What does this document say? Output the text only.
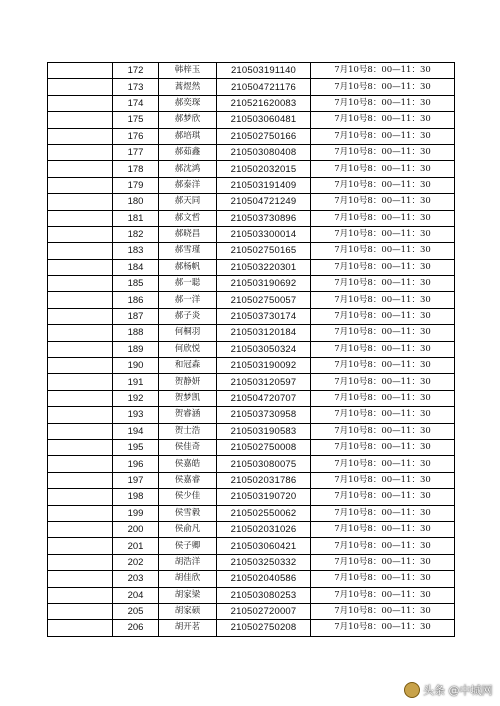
	172	韩梓玉	210503191140	7月10号8：00—11：30
	173	蒿煜然	210504721176	7月10号8：00—11：30
	174	郝奕琛	210521620083	7月10号8：00—11：30
	175	郝梦欣	210503060481	7月10号8：00—11：30
	176	郝培琪	210502750166	7月10号8：00—11：30
	177	郝茹鑫	210503080408	7月10号8：00—11：30
	178	郝沈鸿	210502032015	7月10号8：00—11：30
	179	郝泰洋	210503191409	7月10号8：00—11：30
	180	郝天同	210504721249	7月10号8：00—11：30
	181	郝文哲	210503730896	7月10号8：00—11：30
	182	郝晓昌	210503300014	7月10号8：00—11：30
	183	郝雪瑾	210502750165	7月10号8：00—11：30
	184	郝杨帆	210503220301	7月10号8：00—11：30
	185	郝一聪	210503190692	7月10号8：00—11：30
	186	郝一洋	210502750057	7月10号8：00—11：30
	187	郝子炎	210503730174	7月10号8：00—11：30
	188	何桐羽	210503120184	7月10号8：00—11：30
	189	何欣悦	210503050324	7月10号8：00—11：30
	190	和冠森	210503190092	7月10号8：00—11：30
	191	贺静妍	210503120597	7月10号8：00—11：30
	192	贺梦凯	210504720707	7月10号8：00—11：30
	193	贺睿涵	210503730958	7月10号8：00—11：30
	194	贺士浩	210503190583	7月10号8：00—11：30
	195	侯佳奇	210502750008	7月10号8：00—11：30
	196	侯嘉皓	210503080075	7月10号8：00—11：30
	197	侯嘉睿	210502031786	7月10号8：00—11：30
	198	侯少佳	210503190720	7月10号8：00—11：30
	199	侯雪毅	210502550062	7月10号8：00—11：30
	200	侯俞凡	210502031026	7月10号8：00—11：30
	201	侯子卿	210503060421	7月10号8：00—11：30
	202	胡浩洋	210503250332	7月10号8：00—11：30
	203	胡佳欣	210502040586	7月10号8：00—11：30
	204	胡家梁	210503080253	7月10号8：00—11：30
	205	胡家硕	210502720007	7月10号8：00—11：30
	206	胡开茗	210502750208	7月10号8：00—11：30
头条 @中城网
